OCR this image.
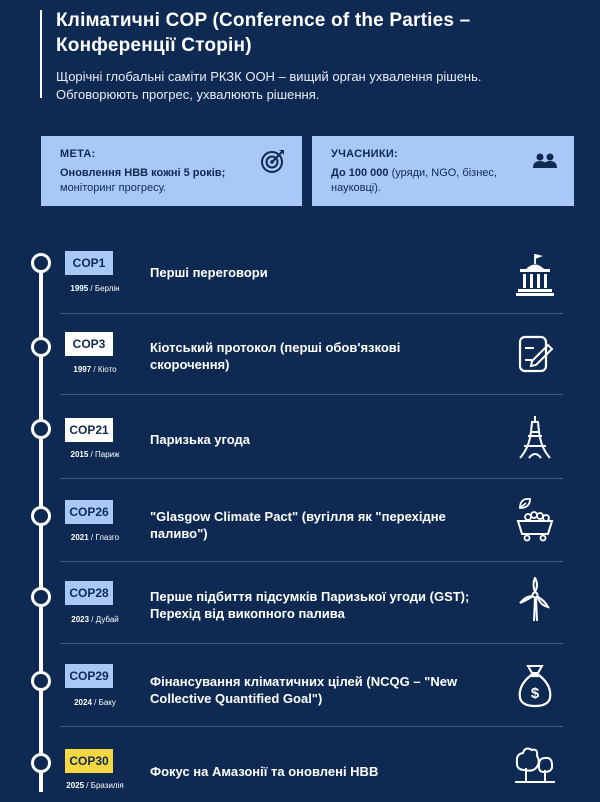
Кліматичні COP (Conference of the Parties – Конференції Сторін)
Щорічні глобальні саміти РКЗК ООН – вищий орган ухвалення рішень. Обговорюють прогрес, ухвалюють рішення.
МЕТА:
Оновлення НВВ кожні 5 років;
моніторинг прогресу.
УЧАСНИКИ:
До 100 000 (уряди, NGO, бізнес, науковці).
COP1
1995 / Берлін
Перші переговори
COP3
1997 / Кіото
Кіотський протокол (перші обов'язкові скорочення)
COP21
2015 / Париж
Паризька угода
COP26
2021 / Глазго
"Glasgow Climate Pact" (вугілля як "перехідне паливо")
COP28
2023 / Дубай
Перше підбиття підсумків Паризької угоди (GST); Перехід від викопного палива
COP29
2024 / Баку
Фінансування кліматичних цілей (NCQG – "New Collective Quantified Goal")	$
COP30
2025 / Бразилія
Фокус на Амазонії та оновлені НВВ
